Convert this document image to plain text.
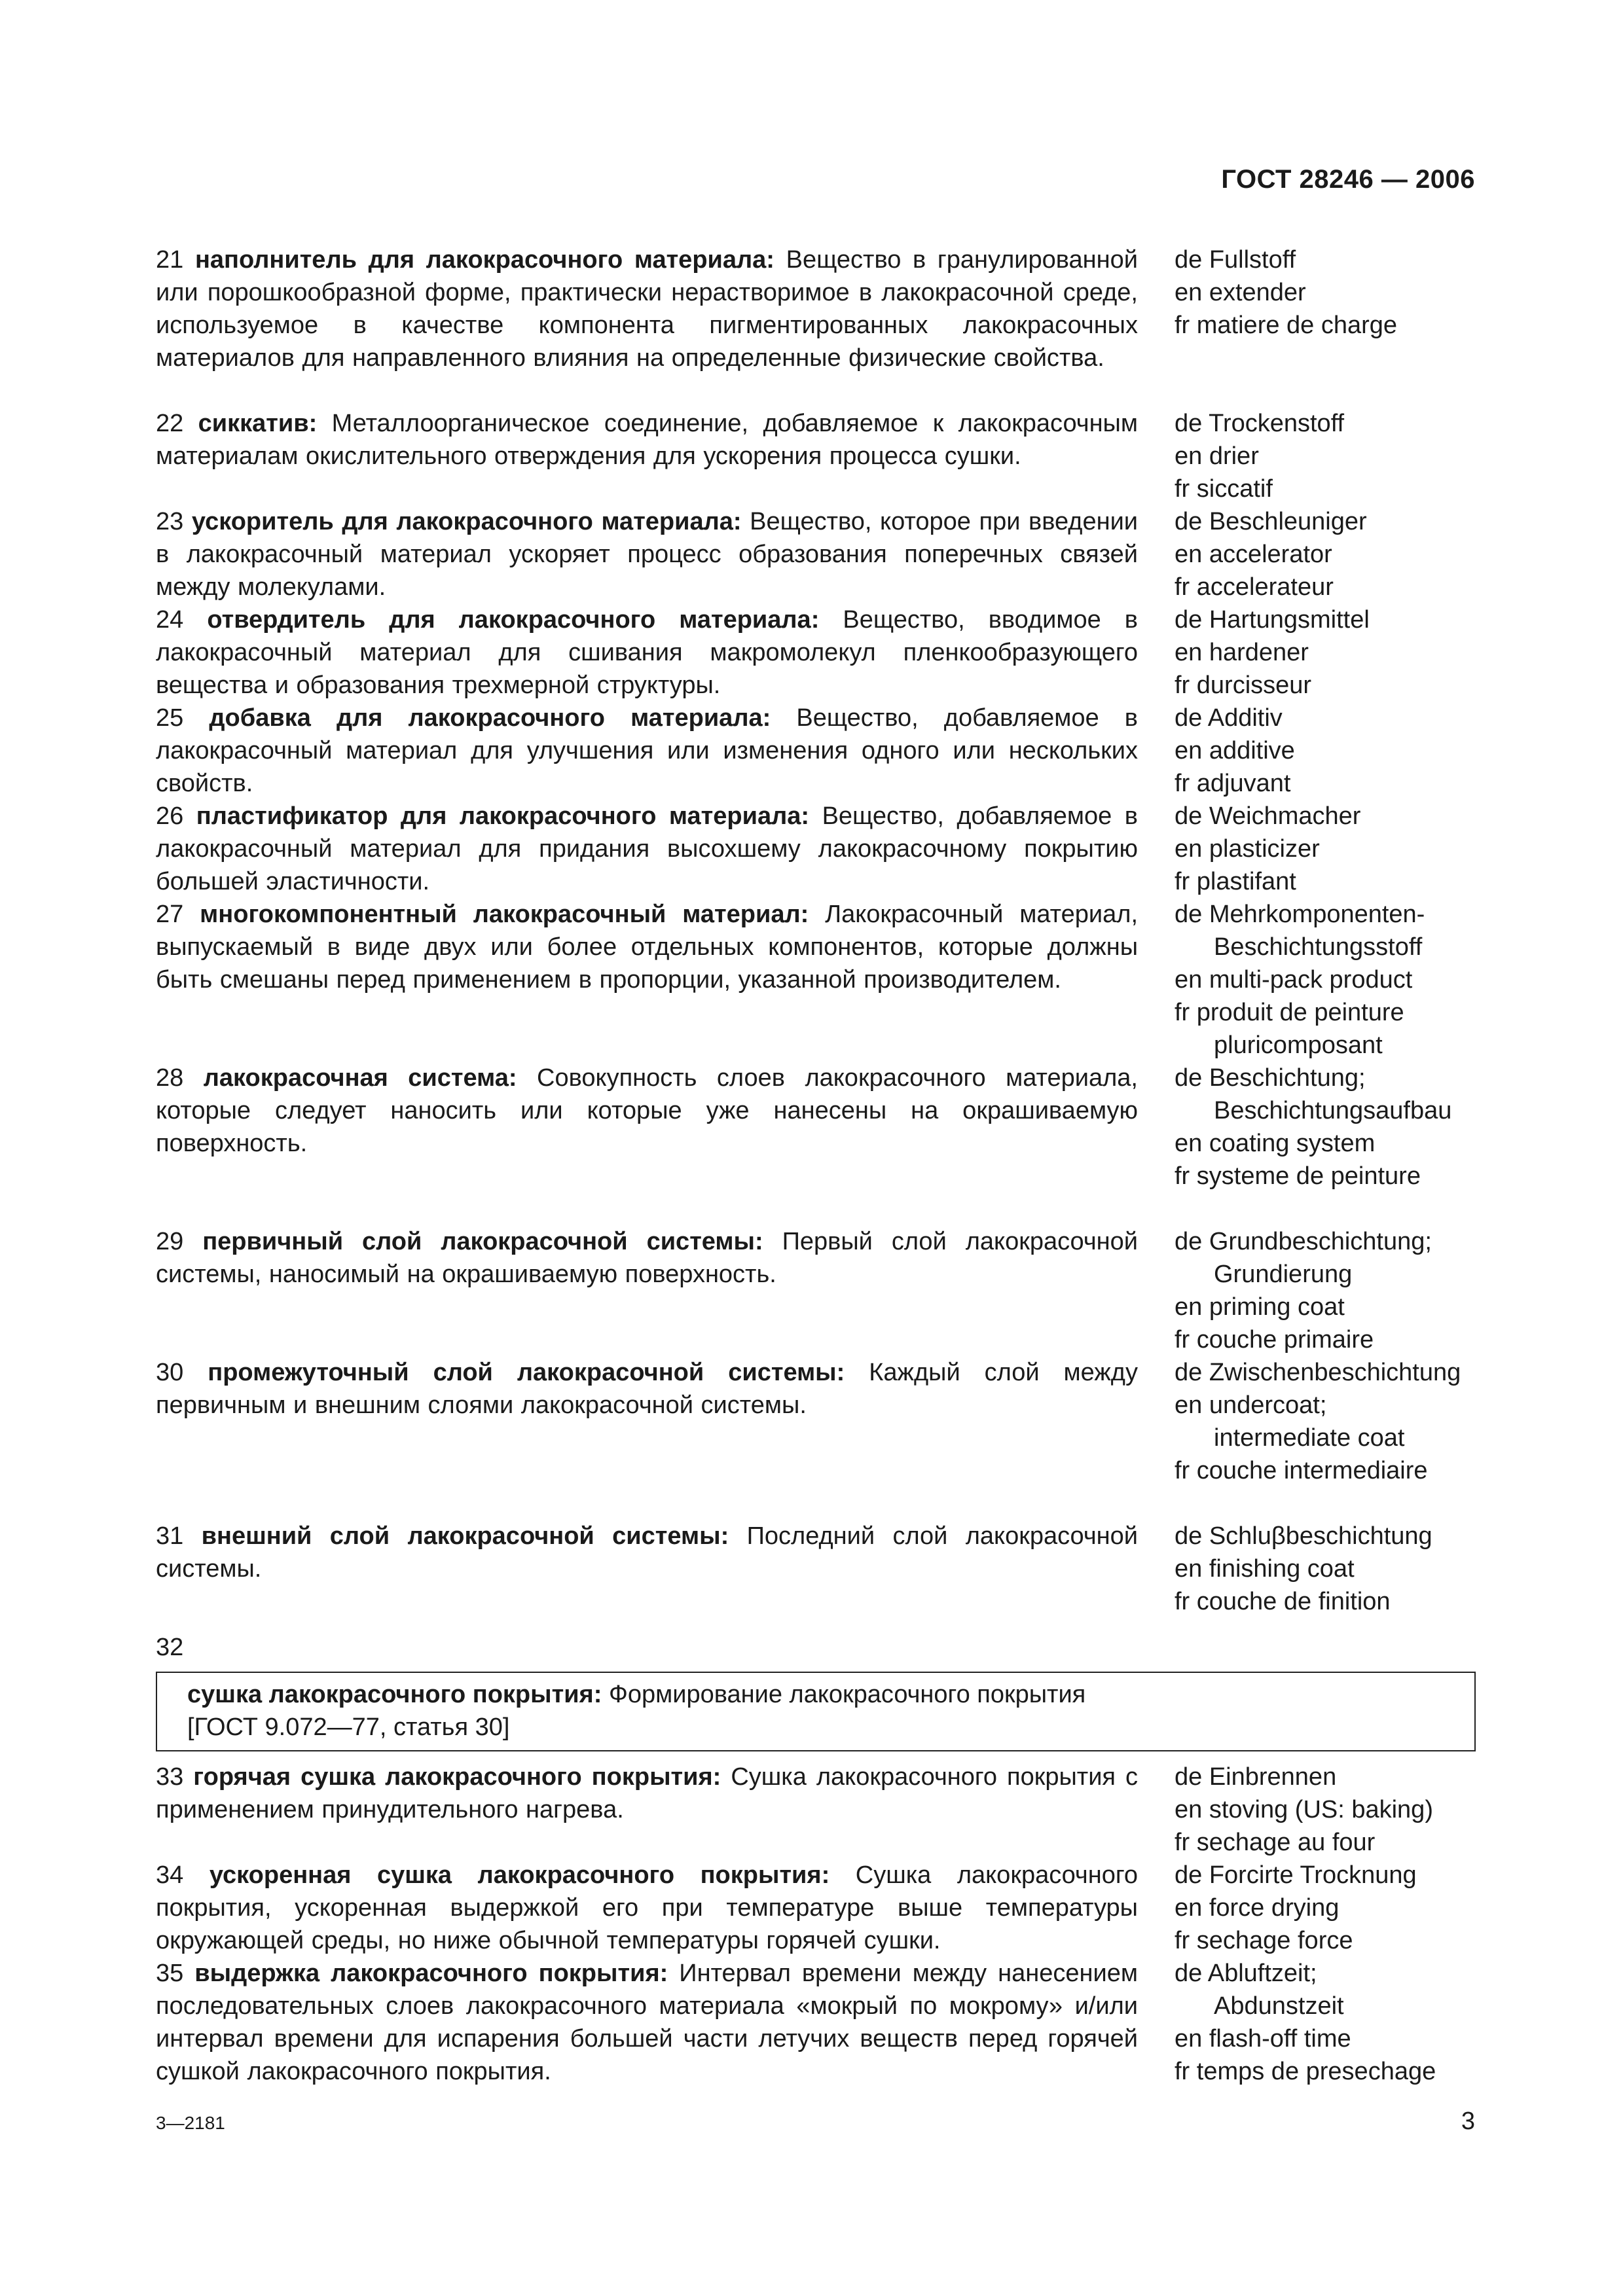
ГОСТ 28246 — 2006
21 наполнитель для лакокрасочного материала: Вещество в гранулированной или порошкообразной форме, практически нерастворимое в лакокрасочной среде, используемое в качестве компонента пигментированных лакокрасочных материалов для направленного влияния на определенные физические свойства.
de Fullstoff
en extender
fr matiere de charge
22 сиккатив: Металлоорганическое соединение, добавляемое к лакокрасочным материалам окислительного отверждения для ускорения процесса сушки.
de Trockenstoff
en drier
fr siccatif
23 ускоритель для лакокрасочного материала: Вещество, которое при введении в лакокрасочный материал ускоряет процесс образования поперечных связей между молекулами.
de Beschleuniger
en accelerator
fr accelerateur
24 отвердитель для лакокрасочного материала: Вещество, вводимое в лакокрасочный материал для сшивания макромолекул пленкообразующего вещества и образования трехмерной структуры.
de Hartungsmittel
en hardener
fr durcisseur
25 добавка для лакокрасочного материала: Вещество, добавляемое в лакокрасочный материал для улучшения или изменения одного или нескольких свойств.
de Additiv
en additive
fr adjuvant
26 пластификатор для лакокрасочного материала: Вещество, добавляемое в лакокрасочный материал для придания высохшему лакокрасочному покрытию большей эластичности.
de Weichmacher
en plasticizer
fr plastifant
27 многокомпонентный лакокрасочный материал: Лакокрасочный материал, выпускаемый в виде двух или более отдельных компонентов, которые должны быть смешаны перед применением в пропорции, указанной производителем.
de Mehrkomponenten-
Beschichtungsstoff
en multi-pack product
fr produit de peinture
pluricomposant
28 лакокрасочная система: Совокупность слоев лакокрасочного материала, которые следует наносить или которые уже нанесены на окрашиваемую поверхность.
de Beschichtung;
Beschichtungsaufbau
en coating system
fr systeme de peinture
29 первичный слой лакокрасочной системы: Первый слой лакокрасочной системы, наносимый на окрашиваемую поверхность.
de Grundbeschichtung;
Grundierung
en priming coat
fr couche primaire
30 промежуточный слой лакокрасочной системы: Каждый слой между первичным и внешним слоями лакокрасочной системы.
de Zwischenbeschichtung
en undercoat;
intermediate coat
fr couche intermediaire
31 внешний слой лакокрасочной системы: Последний слой лакокрасочной системы.
de Schluβbeschichtung
en finishing coat
fr couche de finition
32
сушка лакокрасочного покрытия: Формирование лакокрасочного покрытия
[ГОСТ 9.072—77, статья 30]
33 горячая сушка лакокрасочного покрытия: Сушка лакокрасочного покрытия с применением принудительного нагрева.
de Einbrennen
en stoving (US: baking)
fr sechage au four
34 ускоренная сушка лакокрасочного покрытия: Сушка лакокрасочного покрытия, ускоренная выдержкой его при температуре выше температуры окружающей среды, но ниже обычной температуры горячей сушки.
de Forcirte Trocknung
en force drying
fr sechage force
35 выдержка лакокрасочного покрытия: Интервал времени между нанесением последовательных слоев лакокрасочного материала «мокрый по мокрому» и/или интервал времени для испарения большей части летучих веществ перед горячей сушкой лакокрасочного покрытия.
de Abluftzeit;
Abdunstzeit
en flash-off time
fr temps de presechage
3—2181	3
